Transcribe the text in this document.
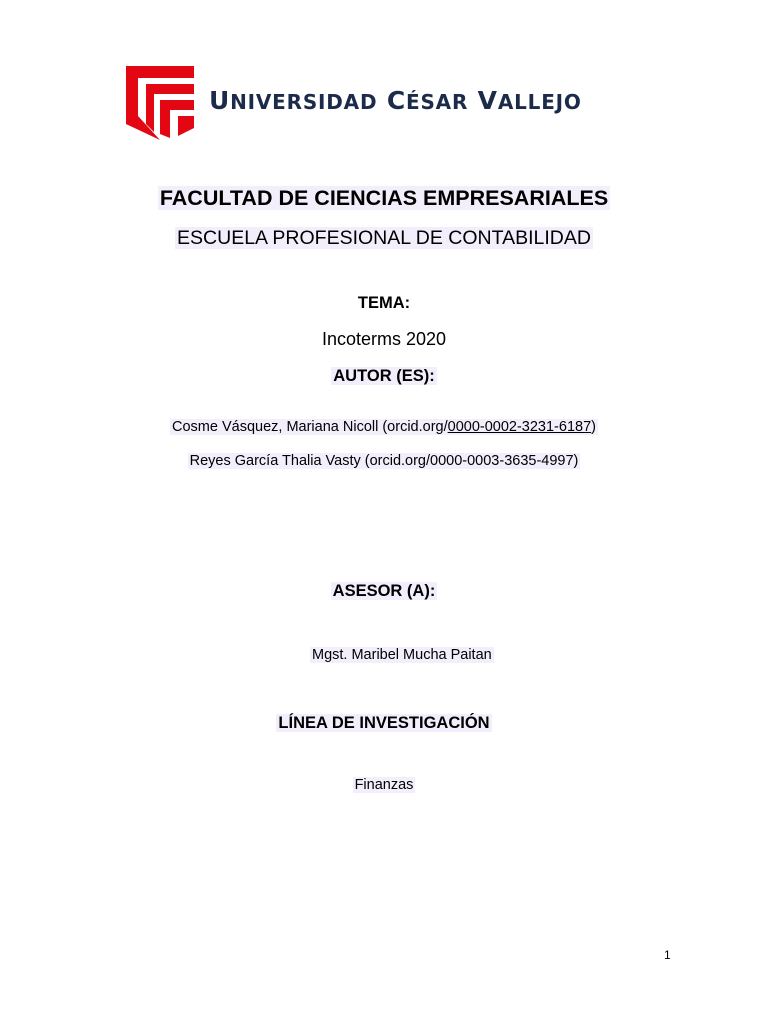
UNIVERSIDAD CÉSAR VALLEJO
FACULTAD DE CIENCIAS EMPRESARIALES
ESCUELA PROFESIONAL DE CONTABILIDAD
TEMA:
Incoterms 2020
AUTOR (ES):
Cosme Vásquez, Mariana Nicoll (orcid.org/0000-0002-3231-6187)
Reyes García Thalia Vasty (orcid.org/0000-0003-3635-4997)
ASESOR (A):
Mgst. Maribel Mucha Paitan
LÍNEA DE INVESTIGACIÓN
Finanzas
1
